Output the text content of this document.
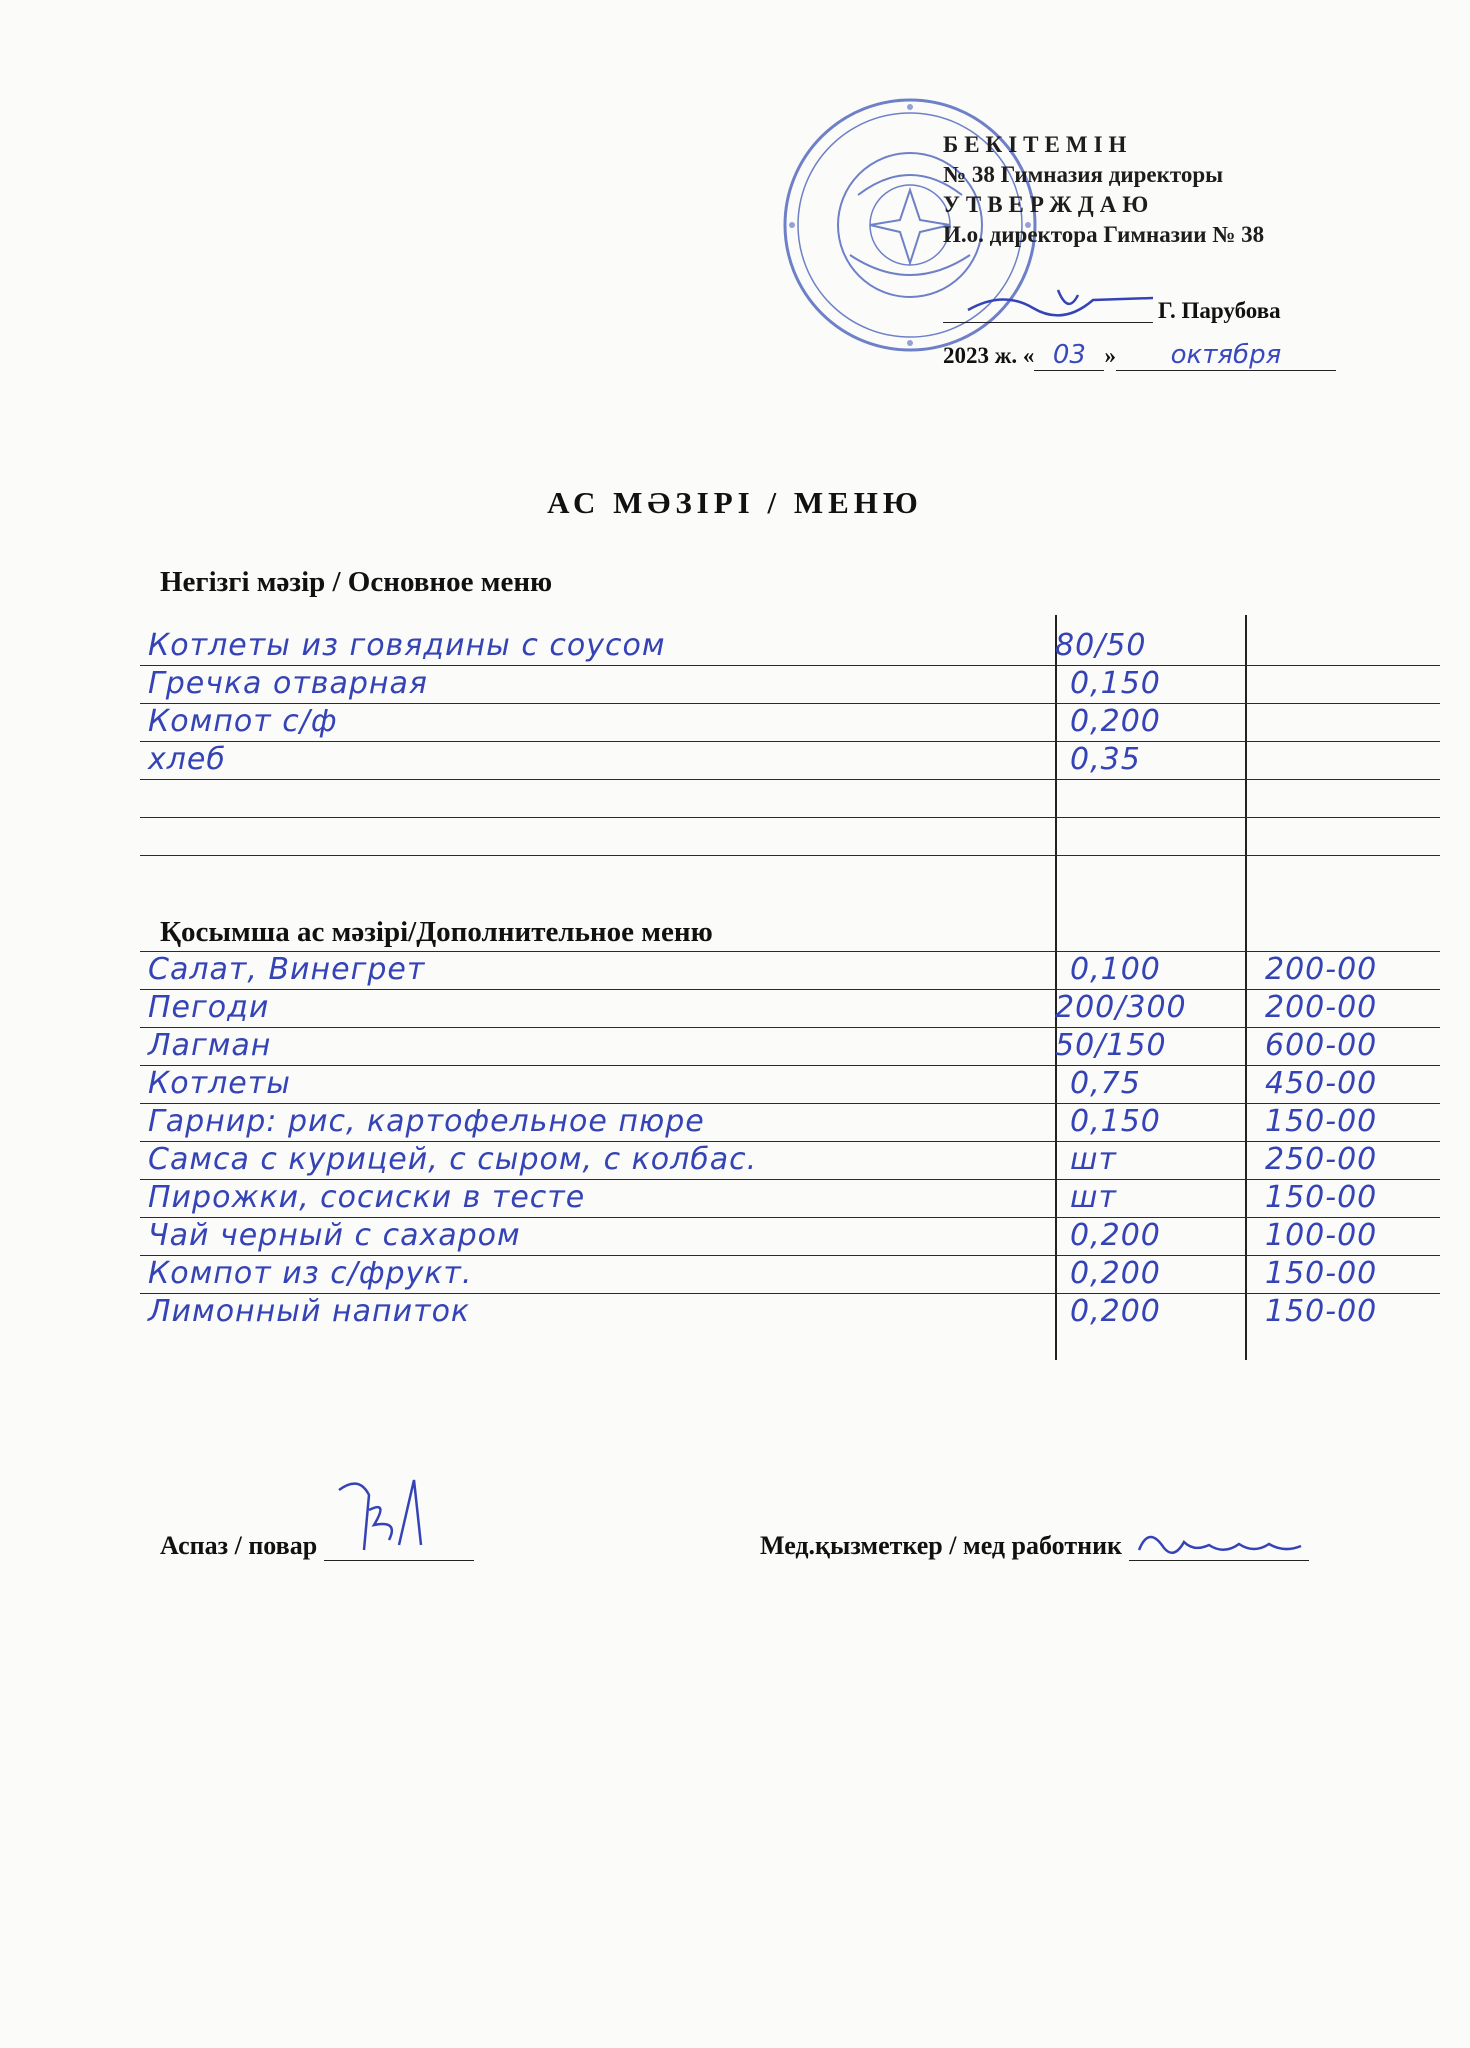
БЕКІТЕМІН
№ 38 Гимназия директоры
УТВЕРЖДАЮ
И.о. директора Гимназии № 38
Г. Парубова
2023 ж. « 03 » октября
АС МӘЗІРІ / МЕНЮ
Негізгі мәзір / Основное меню
Котлеты из говядины с соусом	80/50
Гречка отварная	0,150
Компот с/ф	0,200
хлеб	0,35
Қосымша ас мәзірі/Дополнительное меню
Салат, Винегрет	0,100	200-00
Пегоди	200/300	200-00
Лагман	50/150	600-00
Котлеты	0,75	450-00
Гарнир: рис, картофельное пюре	0,150	150-00
Самса с курицей, с сыром, с колбас.	шт	250-00
Пирожки, сосиски в тесте	шт	150-00
Чай черный с сахаром	0,200	100-00
Компот из с/фрукт.	0,200	150-00
Лимонный напиток	0,200	150-00
Аспаз / повар	Мед.қызметкер / мед работник
